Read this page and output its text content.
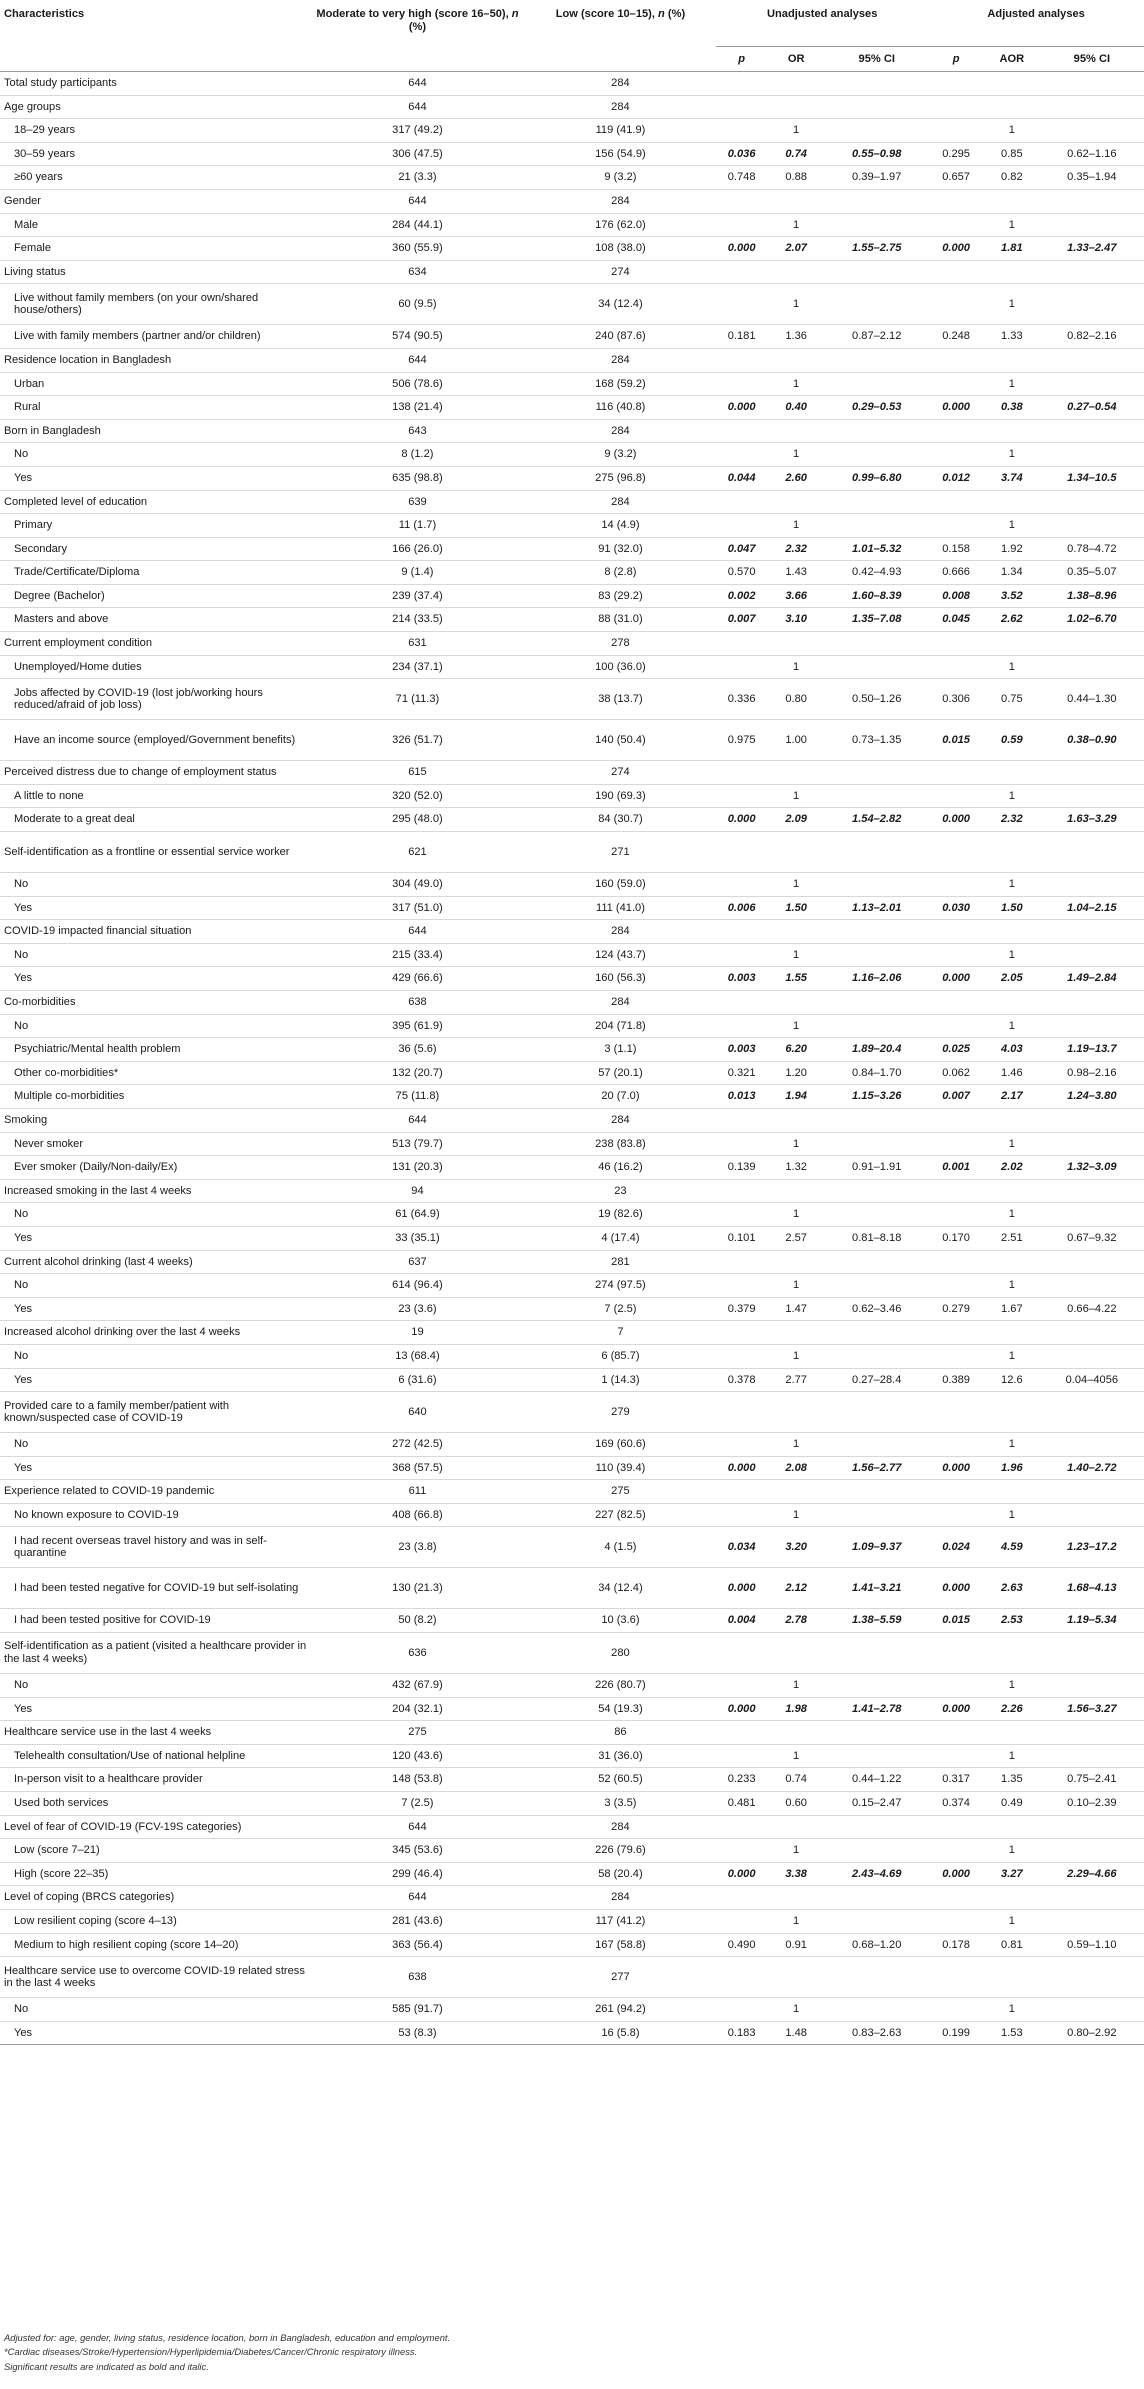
Characteristics	Moderate to very high (score 16–50), n (%)	Low (score 10–15), n (%)	Unadjusted analyses			Adjusted analyses		
			p	OR	95% CI	p	AOR	95% CI
Total study participants	644	284						
Age groups	644	284						
18–29 years	317 (49.2)	119 (41.9)		1			1	
30–59 years	306 (47.5)	156 (54.9)	0.036	0.74	0.55–0.98	0.295	0.85	0.62–1.16
≥60 years	21 (3.3)	9 (3.2)	0.748	0.88	0.39–1.97	0.657	0.82	0.35–1.94
Gender	644	284						
Male	284 (44.1)	176 (62.0)		1			1	
Female	360 (55.9)	108 (38.0)	0.000	2.07	1.55–2.75	0.000	1.81	1.33–2.47
Living status	634	274						
Live without family members (on your own/shared house/others)	60 (9.5)	34 (12.4)		1			1	
Live with family members (partner and/or children)	574 (90.5)	240 (87.6)	0.181	1.36	0.87–2.12	0.248	1.33	0.82–2.16
Residence location in Bangladesh	644	284						
Urban	506 (78.6)	168 (59.2)		1			1	
Rural	138 (21.4)	116 (40.8)	0.000	0.40	0.29–0.53	0.000	0.38	0.27–0.54
Born in Bangladesh	643	284						
No	8 (1.2)	9 (3.2)		1			1	
Yes	635 (98.8)	275 (96.8)	0.044	2.60	0.99–6.80	0.012	3.74	1.34–10.5
Completed level of education	639	284						
Primary	11 (1.7)	14 (4.9)		1			1	
Secondary	166 (26.0)	91 (32.0)	0.047	2.32	1.01–5.32	0.158	1.92	0.78–4.72
Trade/Certificate/Diploma	9 (1.4)	8 (2.8)	0.570	1.43	0.42–4.93	0.666	1.34	0.35–5.07
Degree (Bachelor)	239 (37.4)	83 (29.2)	0.002	3.66	1.60–8.39	0.008	3.52	1.38–8.96
Masters and above	214 (33.5)	88 (31.0)	0.007	3.10	1.35–7.08	0.045	2.62	1.02–6.70
Current employment condition	631	278						
Unemployed/Home duties	234 (37.1)	100 (36.0)		1			1	
Jobs affected by COVID-19 (lost job/working hours reduced/afraid of job loss)	71 (11.3)	38 (13.7)	0.336	0.80	0.50–1.26	0.306	0.75	0.44–1.30
Have an income source (employed/Government benefits)	326 (51.7)	140 (50.4)	0.975	1.00	0.73–1.35	0.015	0.59	0.38–0.90
Perceived distress due to change of employment status	615	274						
A little to none	320 (52.0)	190 (69.3)		1			1	
Moderate to a great deal	295 (48.0)	84 (30.7)	0.000	2.09	1.54–2.82	0.000	2.32	1.63–3.29
Self-identification as a frontline or essential service worker	621	271						
No	304 (49.0)	160 (59.0)		1			1	
Yes	317 (51.0)	111 (41.0)	0.006	1.50	1.13–2.01	0.030	1.50	1.04–2.15
COVID-19 impacted financial situation	644	284						
No	215 (33.4)	124 (43.7)		1			1	
Yes	429 (66.6)	160 (56.3)	0.003	1.55	1.16–2.06	0.000	2.05	1.49–2.84
Co-morbidities	638	284						
No	395 (61.9)	204 (71.8)		1			1	
Psychiatric/Mental health problem	36 (5.6)	3 (1.1)	0.003	6.20	1.89–20.4	0.025	4.03	1.19–13.7
Other co-morbidities*	132 (20.7)	57 (20.1)	0.321	1.20	0.84–1.70	0.062	1.46	0.98–2.16
Multiple co-morbidities	75 (11.8)	20 (7.0)	0.013	1.94	1.15–3.26	0.007	2.17	1.24–3.80
Smoking	644	284						
Never smoker	513 (79.7)	238 (83.8)		1			1	
Ever smoker (Daily/Non-daily/Ex)	131 (20.3)	46 (16.2)	0.139	1.32	0.91–1.91	0.001	2.02	1.32–3.09
Increased smoking in the last 4 weeks	94	23						
No	61 (64.9)	19 (82.6)		1			1	
Yes	33 (35.1)	4 (17.4)	0.101	2.57	0.81–8.18	0.170	2.51	0.67–9.32
Current alcohol drinking (last 4 weeks)	637	281						
No	614 (96.4)	274 (97.5)		1			1	
Yes	23 (3.6)	7 (2.5)	0.379	1.47	0.62–3.46	0.279	1.67	0.66–4.22
Increased alcohol drinking over the last 4 weeks	19	7						
No	13 (68.4)	6 (85.7)		1			1	
Yes	6 (31.6)	1 (14.3)	0.378	2.77	0.27–28.4	0.389	12.6	0.04–4056
Provided care to a family member/patient with known/suspected case of COVID-19	640	279						
No	272 (42.5)	169 (60.6)		1			1	
Yes	368 (57.5)	110 (39.4)	0.000	2.08	1.56–2.77	0.000	1.96	1.40–2.72
Experience related to COVID-19 pandemic	611	275						
No known exposure to COVID-19	408 (66.8)	227 (82.5)		1			1	
I had recent overseas travel history and was in self-quarantine	23 (3.8)	4 (1.5)	0.034	3.20	1.09–9.37	0.024	4.59	1.23–17.2
I had been tested negative for COVID-19 but self-isolating	130 (21.3)	34 (12.4)	0.000	2.12	1.41–3.21	0.000	2.63	1.68–4.13
I had been tested positive for COVID-19	50 (8.2)	10 (3.6)	0.004	2.78	1.38–5.59	0.015	2.53	1.19–5.34
Self-identification as a patient (visited a healthcare provider in the last 4 weeks)	636	280						
No	432 (67.9)	226 (80.7)		1			1	
Yes	204 (32.1)	54 (19.3)	0.000	1.98	1.41–2.78	0.000	2.26	1.56–3.27
Healthcare service use in the last 4 weeks	275	86						
Telehealth consultation/Use of national helpline	120 (43.6)	31 (36.0)		1			1	
In-person visit to a healthcare provider	148 (53.8)	52 (60.5)	0.233	0.74	0.44–1.22	0.317	1.35	0.75–2.41
Used both services	7 (2.5)	3 (3.5)	0.481	0.60	0.15–2.47	0.374	0.49	0.10–2.39
Level of fear of COVID-19 (FCV-19S categories)	644	284						
Low (score 7–21)	345 (53.6)	226 (79.6)		1			1	
High (score 22–35)	299 (46.4)	58 (20.4)	0.000	3.38	2.43–4.69	0.000	3.27	2.29–4.66
Level of coping (BRCS categories)	644	284						
Low resilient coping (score 4–13)	281 (43.6)	117 (41.2)		1			1	
Medium to high resilient coping (score 14–20)	363 (56.4)	167 (58.8)	0.490	0.91	0.68–1.20	0.178	0.81	0.59–1.10
Healthcare service use to overcome COVID-19 related stress in the last 4 weeks	638	277						
No	585 (91.7)	261 (94.2)		1			1	
Yes	53 (8.3)	16 (5.8)	0.183	1.48	0.83–2.63	0.199	1.53	0.80–2.92
Adjusted for: age, gender, living status, residence location, born in Bangladesh, education and employment.
*Cardiac diseases/Stroke/Hypertension/Hyperlipidemia/Diabetes/Cancer/Chronic respiratory illness.
Significant results are indicated as bold and italic.
